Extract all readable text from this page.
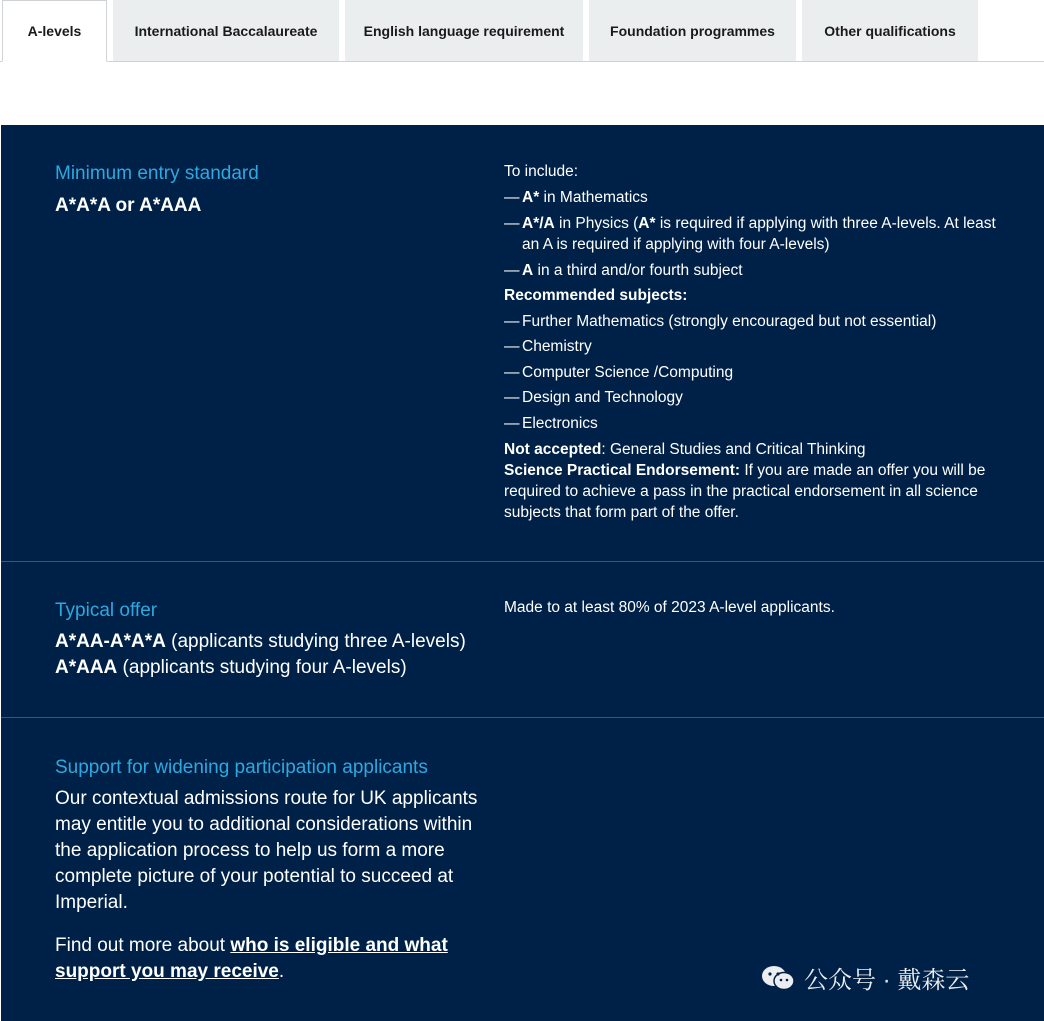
A-levels	International Baccalaureate	English language requirement	Foundation programmes	Other qualifications
Minimum entry standard
A*A*A or A*AAA
To include:
— A* in Mathematics
— A*/A in Physics (A* is required if applying with three A-levels. At least an A is required if applying with four A-levels)
— A in a third and/or fourth subject
Recommended subjects:
— Further Mathematics (strongly encouraged but not essential)
— Chemistry
— Computer Science /Computing
— Design and Technology
— Electronics
Not accepted: General Studies and Critical Thinking
Science Practical Endorsement: If you are made an offer you will be required to achieve a pass in the practical endorsement in all science subjects that form part of the offer.
Typical offer
A*AA-A*A*A (applicants studying three A-levels)
A*AAA (applicants studying four A-levels)
Made to at least 80% of 2023 A-level applicants.
Support for widening participation applicants
Our contextual admissions route for UK applicants may entitle you to additional considerations within the application process to help us form a more complete picture of your potential to succeed at Imperial.
Find out more about who is eligible and what support you may receive.	公众号 · 戴森云
